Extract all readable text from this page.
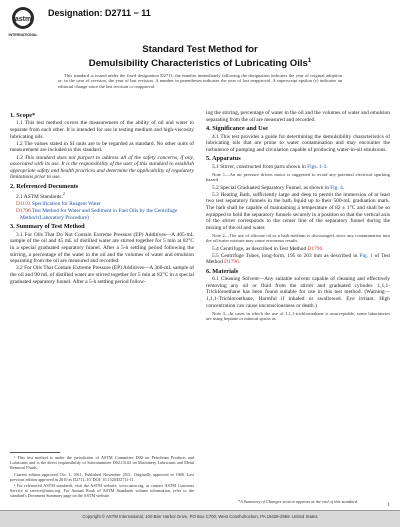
astm
INTERNATIONAL
Designation: D2711 − 11
Standard Test Method for
Demulsibility Characteristics of Lubricating Oils$^1$
This standard is issued under the fixed designation D2711; the number immediately following the designation indicates the year of original adoption or, in the case of revision, the year of last revision. A number in parentheses indicates the year of last reapproval. A superscript epsilon (ε) indicates an editorial change since the last revision or reapproval.
1. Scope*
1.1 This test method covers the measurement of the ability of oil and water to separate from each other. It is intended for use in testing medium and high-viscosity lubricating oils.
1.2 The values stated in SI units are to be regarded as standard. No other units of measurement are included in this standard.
1.3 This standard does not purport to address all of the safety concerns, if any, associated with its use. It is the responsibility of the user of this standard to establish appropriate safety and health practices and determine the applicability of regulatory limitations prior to use.
2. Referenced Documents
2.1 ASTM Standards:$^2$
D1193 Specification for Reagent Water
D1796 Test Method for Water and Sediment in Fuel Oils by the Centrifuge Method (Laboratory Procedure)
3. Summary of Test Method
3.1 For Oils That Do Not Contain Extreme Pressure (EP) Additives—A 405-mL sample of the oil and 45 mL of distilled water are stirred together for 5 min at 82°C in a special graduated separatory funnel. After a 5-h settling period following the stirring, a percentage of the water in the oil and the volumes of water and emulsion separating from the oil are measured and recorded.
3.2 For Oils That Contain Extreme Pressure (EP) Additives—A 360-mL sample of the oil and 90 mL of distilled water are stirred together for 5 min at 82°C in a special graduated separatory funnel. After a 5-h settling period follow-
¹ This test method is under the jurisdiction of ASTM Committee D02 on Petroleum Products and Lubricants and is the direct responsibility of Subcommittee D02.C0.02 on Machinery Lubricants and Metal Removal Fluids.
Current edition approved Oct. 1, 2011. Published November 2011. Originally approved in 1968. Last previous edition approved in 2010 as D2711–10. DOI: 10.1520/D2711-11.
² For referenced ASTM standards, visit the ASTM website, www.astm.org, or contact ASTM Customer Service at service@astm.org. For Annual Book of ASTM Standards volume information, refer to the standard's Document Summary page on the ASTM website.
ing the stirring, percentage of water in the oil and the volumes of water and emulsion separating from the oil are measured and recorded.
4. Significance and Use
4.1 This test provides a guide for determining the demulsibility characteristics of lubricating oils that are prone to water contamination and may encounter the turbulence of pumping and circulation capable of producing water-in-oil emulsions.
5. Apparatus
5.1 Stirrer, constructed from parts shown in Figs. 1-3.
Note 1—An air pressure driven motor is suggested to avoid any potential electrical sparking hazard.
5.2 Special Graduated Separatory Funnel, as shown in Fig. 4.
5.3 Heating Bath, sufficiently large and deep to permit the immersion of at least two test separatory funnels in the bath liquid up to their 500-mL graduation mark. The bath shall be capable of maintaining a temperature of 82 ± 1°C and shall be so equipped to hold the separatory funnels securely in a position so that the vertical axis of the stirrer corresponds to the center line of the separatory funnel during the mixing of the oil and water.
Note 2—The use of silicone oil as a bath medium is discouraged, since any contamination into the oil/water mixture may cause erroneous results.
5.4 Centrifuge, as described in Test Method D1796.
5.5 Centrifuge Tubes, long-form, 195 to 203 mm as described in Fig. 1 of Test Method D1796.
6. Materials
6.1 Cleaning Solvent—Any suitable solvent capable of cleaning and effectively removing any oil or fluid from the stirrer and graduated cylinder. 1,1,1-Trichloroethane has been found suitable for use in this test method. (Warning—1,1,1-Trichloroethane, Harmful if inhaled or swallowed. Eye irritant. High concentration can cause unconsciousness or death.)
Note 3—In cases in which the use of 1,1,1-trichloroethane is unacceptable, some laboratories are using heptane or mineral spirits as
1
*A Summary of Changes section appears at the end of this standard.
Copyright © ASTM International, 100 Barr Harbor Drive, PO Box C700, West Conshohocken, PA 19428-2959. United States
